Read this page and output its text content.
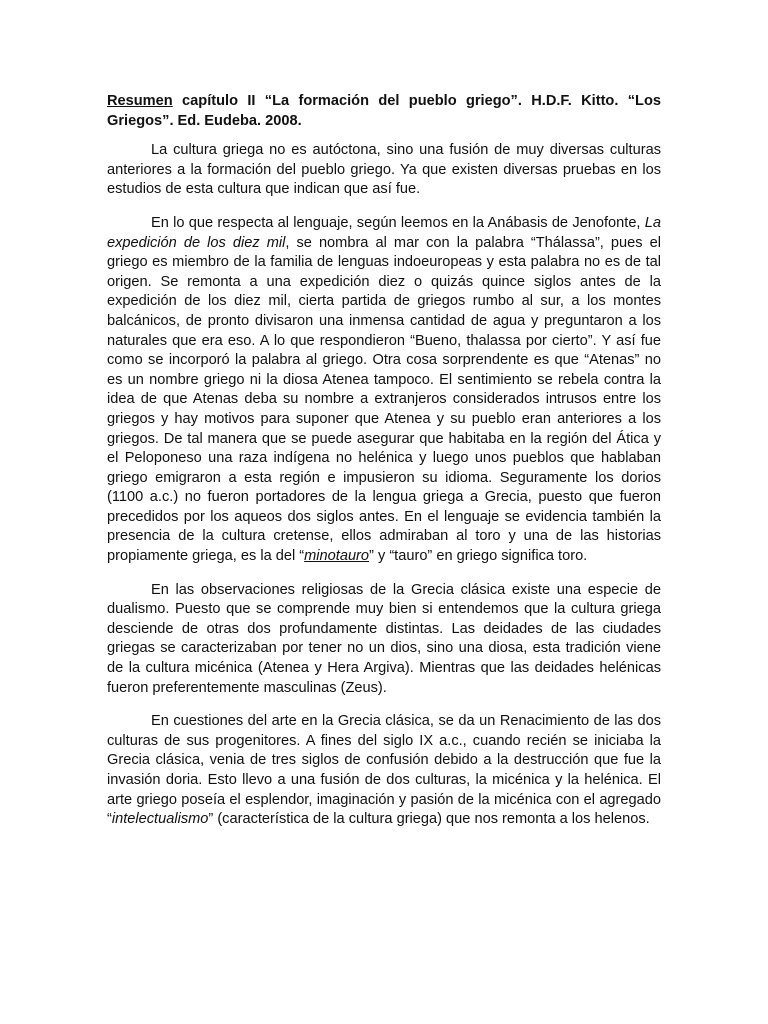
Resumen capítulo II “La formación del pueblo griego”. H.D.F. Kitto. “Los Griegos”. Ed. Eudeba. 2008.

La cultura griega no es autóctona, sino una fusión de muy diversas culturas anteriores a la formación del pueblo griego. Ya que existen diversas pruebas en los estudios de esta cultura que indican que así fue.

En lo que respecta al lenguaje, según leemos en la Anábasis de Jenofonte, La expedición de los diez mil, se nombra al mar con la palabra “Thálassa”, pues el griego es miembro de la familia de lenguas indoeuropeas y esta palabra no es de tal origen. Se remonta a una expedición diez o quizás quince siglos antes de la expedición de los diez mil, cierta partida de griegos rumbo al sur, a los montes balcánicos, de pronto divisaron una inmensa cantidad de agua y preguntaron a los naturales que era eso. A lo que respondieron “Bueno, thalassa por cierto”. Y así fue como se incorporó la palabra al griego. Otra cosa sorprendente es que “Atenas” no es un nombre griego ni la diosa Atenea tampoco. El sentimiento se rebela contra la idea de que Atenas deba su nombre a extranjeros considerados intrusos entre los griegos y hay motivos para suponer que Atenea y su pueblo eran anteriores a los griegos. De tal manera que se puede asegurar que habitaba en la región del Ática y el Peloponeso una raza indígena no helénica y luego unos pueblos que hablaban griego emigraron a esta región e impusieron su idioma. Seguramente los dorios (1100 a.c.) no fueron portadores de la lengua griega a Grecia, puesto que fueron precedidos por los aqueos dos siglos antes. En el lenguaje se evidencia también la presencia de la cultura cretense, ellos admiraban al toro y una de las historias propiamente griega, es la del “minotauro” y “tauro” en griego significa toro.

En las observaciones religiosas de la Grecia clásica existe una especie de dualismo. Puesto que se comprende muy bien si entendemos que la cultura griega desciende de otras dos profundamente distintas. Las deidades de las ciudades griegas se caracterizaban por tener no un dios, sino una diosa, esta tradición viene de la cultura micénica (Atenea y Hera Argiva). Mientras que las deidades helénicas fueron preferentemente masculinas (Zeus).

En cuestiones del arte en la Grecia clásica, se da un Renacimiento de las dos culturas de sus progenitores. A fines del siglo IX a.c., cuando recién se iniciaba la Grecia clásica, venia de tres siglos de confusión debido a la destrucción que fue la invasión doria. Esto llevo a una fusión de dos culturas, la micénica y la helénica. El arte griego poseía el esplendor, imaginación y pasión de la micénica con el agregado “intelectualismo” (característica de la cultura griega) que nos remonta a los helenos.
